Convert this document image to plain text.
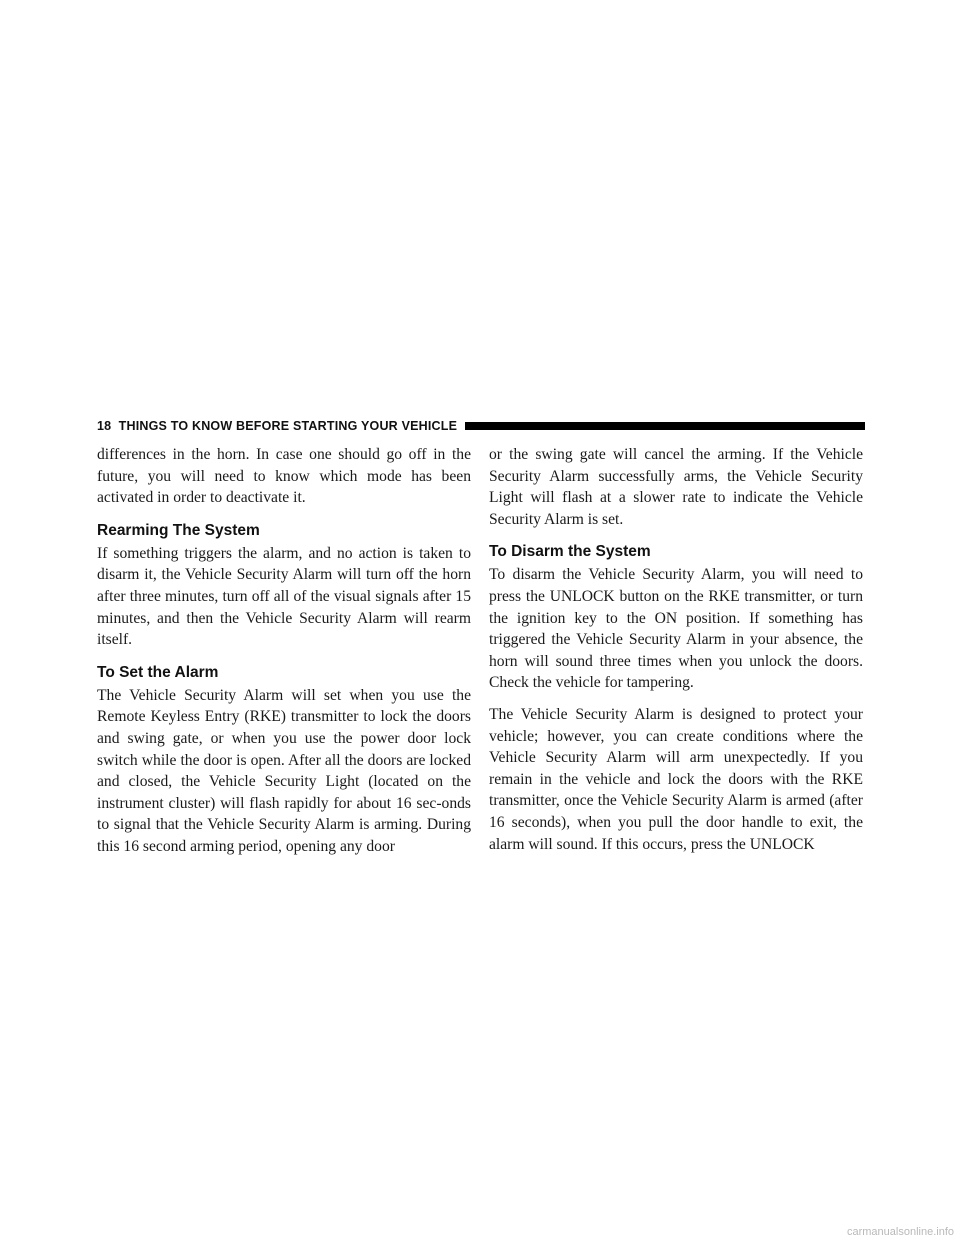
18 THINGS TO KNOW BEFORE STARTING YOUR VEHICLE

differences in the horn. In case one should go off in the future, you will need to know which mode has been activated in order to deactivate it.

Rearming The System

If something triggers the alarm, and no action is taken to disarm it, the Vehicle Security Alarm will turn off the horn after three minutes, turn off all of the visual signals after 15 minutes, and then the Vehicle Security Alarm will rearm itself.

To Set the Alarm

The Vehicle Security Alarm will set when you use the Remote Keyless Entry (RKE) transmitter to lock the doors and swing gate, or when you use the power door lock switch while the door is open. After all the doors are locked and closed, the Vehicle Security Light (located on the instrument cluster) will flash rapidly for about 16 sec-onds to signal that the Vehicle Security Alarm is arming. During this 16 second arming period, opening any door

or the swing gate will cancel the arming. If the Vehicle Security Alarm successfully arms, the Vehicle Security Light will flash at a slower rate to indicate the Vehicle Security Alarm is set.

To Disarm the System

To disarm the Vehicle Security Alarm, you will need to press the UNLOCK button on the RKE transmitter, or turn the ignition key to the ON position. If something has triggered the Vehicle Security Alarm in your absence, the horn will sound three times when you unlock the doors. Check the vehicle for tampering.

The Vehicle Security Alarm is designed to protect your vehicle; however, you can create conditions where the Vehicle Security Alarm will arm unexpectedly. If you remain in the vehicle and lock the doors with the RKE transmitter, once the Vehicle Security Alarm is armed (after 16 seconds), when you pull the door handle to exit, the alarm will sound. If this occurs, press the UNLOCK

carmanualsonline.info
